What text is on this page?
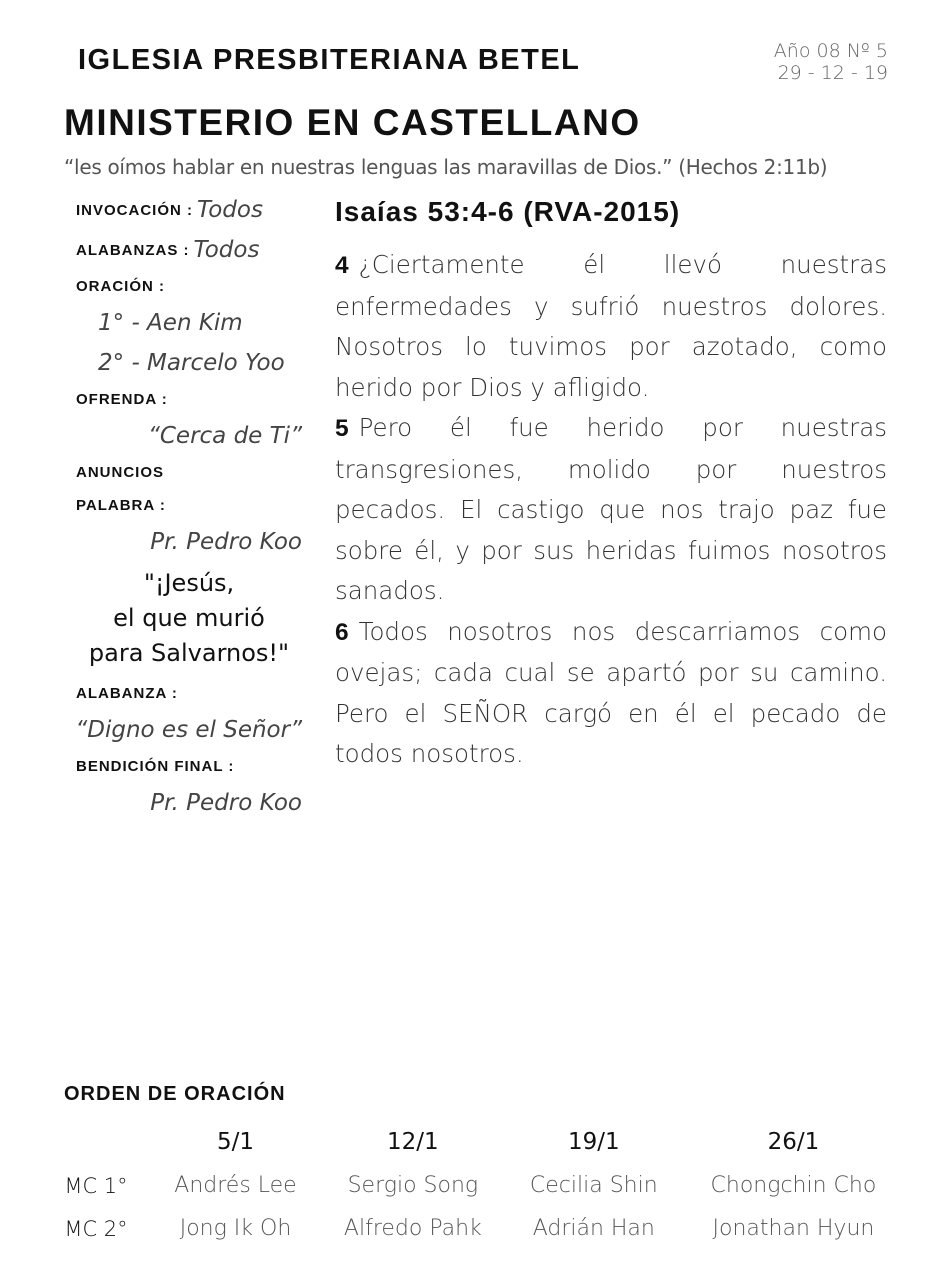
IGLESIA PRESBITERIANA BETEL	Año 08 Nº 5
29 - 12 - 19
MINISTERIO EN CASTELLANO
“les oímos hablar en nuestras lenguas las maravillas de Dios.” (Hechos 2:11b)
INVOCACIÓN : Todos
ALABANZAS : Todos
ORACIÓN :
1° - Aen Kim
2° - Marcelo Yoo
OFRENDA :
“Cerca de Ti”
ANUNCIOS
PALABRA :
Pr. Pedro Koo
"¡Jesús,
el que murió
para Salvarnos!"
ALABANZA :
“Digno es el Señor”
BENDICIÓN FINAL :
Pr. Pedro Koo
Isaías 53:4-6 (RVA-2015)

4 ¿Ciertamente él llevó nuestras enfermedades y sufrió nuestros dolores. Nosotros lo tuvimos por azotado, como herido por Dios y afligido.

5 Pero él fue herido por nuestras transgresiones, molido por nuestros pecados. El castigo que nos trajo paz fue sobre él, y por sus heridas fuimos nosotros sanados.

6 Todos nosotros nos descarriamos como ovejas; cada cual se apartó por su camino. Pero el SEÑOR cargó en él el pecado de todos nosotros.

ORDEN DE ORACIÓN
	5/1	12/1	19/1	26/1
MC 1°	Andrés Lee	Sergio Song	Cecilia Shin	Chongchin Cho
MC 2°	Jong Ik Oh	Alfredo Pahk	Adrián Han	Jonathan Hyun
